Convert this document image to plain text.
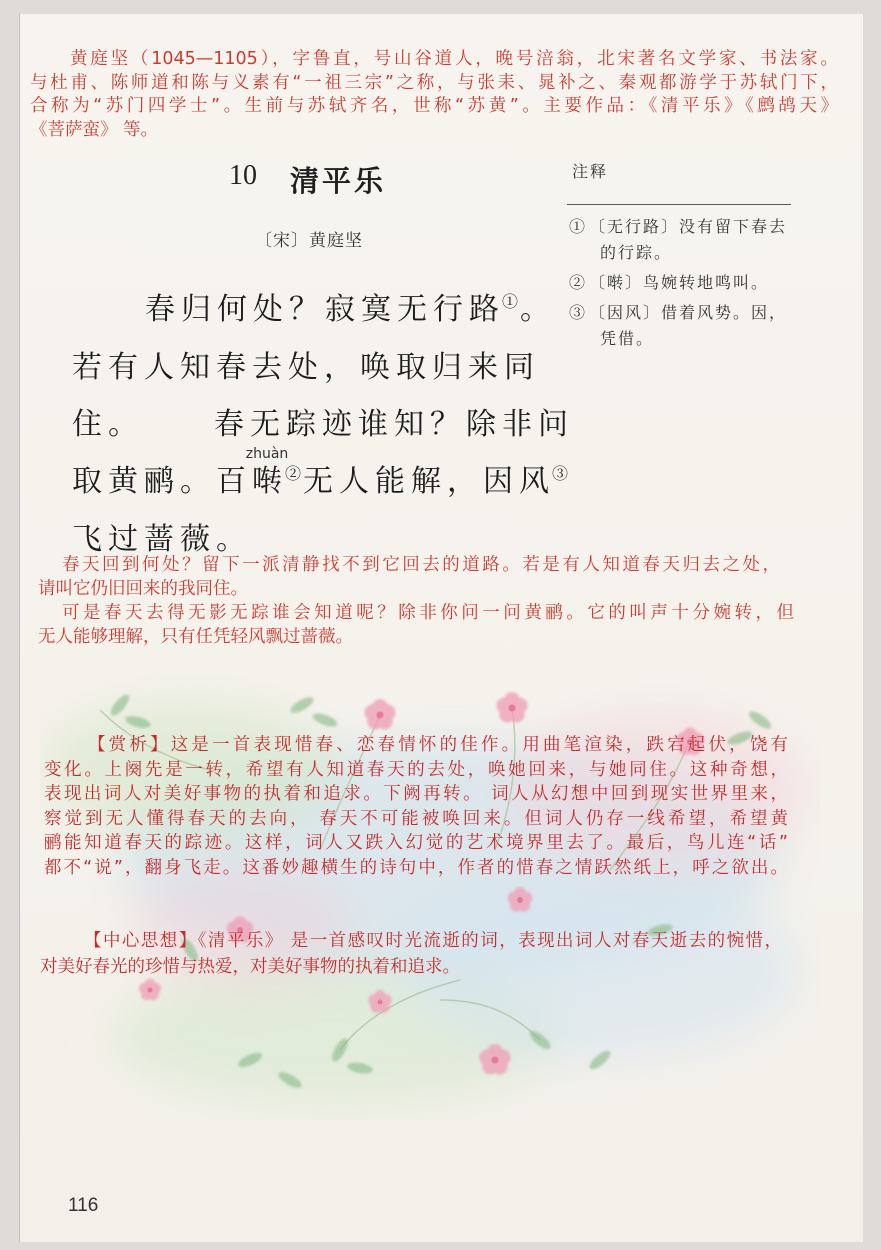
黄庭坚（1045—1105），字鲁直，号山谷道人，晚号涪翁，北宋著名文学家、书法家。
与杜甫、陈师道和陈与义素有“一祖三宗”之称，与张耒、晁补之、秦观都游学于苏轼门下，
合称为“苏门四学士”。生前与苏轼齐名，世称“苏黄”。主要作品：《清平乐》《鹧鸪天》
《菩萨蛮》 等。
10 清平乐
〔宋〕黄庭坚
注释
① 〔无行路〕没有留下春去
的行踪。
② 〔啭〕鸟婉转地鸣叫。
③ 〔因风〕借着风势。因，
凭借。
春归何处？寂寞无行路①。
若有人知春去处，唤取归来同
住。 春无踪迹谁知？除非问
取黄鹂。百
zhuàn
啭②无人能解，因风③
飞过蔷薇。
春天回到何处？留下一派清静找不到它回去的道路。若是有人知道春天归去之处，
请叫它仍旧回来的我同住。
可是春天去得无影无踪谁会知道呢？除非你问一问黄鹂。它的叫声十分婉转，但
无人能够理解，只有任凭轻风飘过蔷薇。
【赏析】这是一首表现惜春、恋春情怀的佳作。用曲笔渲染，跌宕起伏，饶有
变化。上阕先是一转，希望有人知道春天的去处，唤她回来，与她同住。这种奇想，
表现出词人对美好事物的执着和追求。下阙再转。 词人从幻想中回到现实世界里来，
察觉到无人懂得春天的去向， 春天不可能被唤回来。但词人仍存一线希望，希望黄
鹂能知道春天的踪迹。这样，词人又跌入幻觉的艺术境界里去了。最后，鸟儿连“话”
都不“说”，翻身飞走。这番妙趣横生的诗句中，作者的惜春之情跃然纸上，呼之欲出。
【中心思想】《清平乐》 是一首感叹时光流逝的词，表现出词人对春天逝去的惋惜，
对美好春光的珍惜与热爱，对美好事物的执着和追求。
116
